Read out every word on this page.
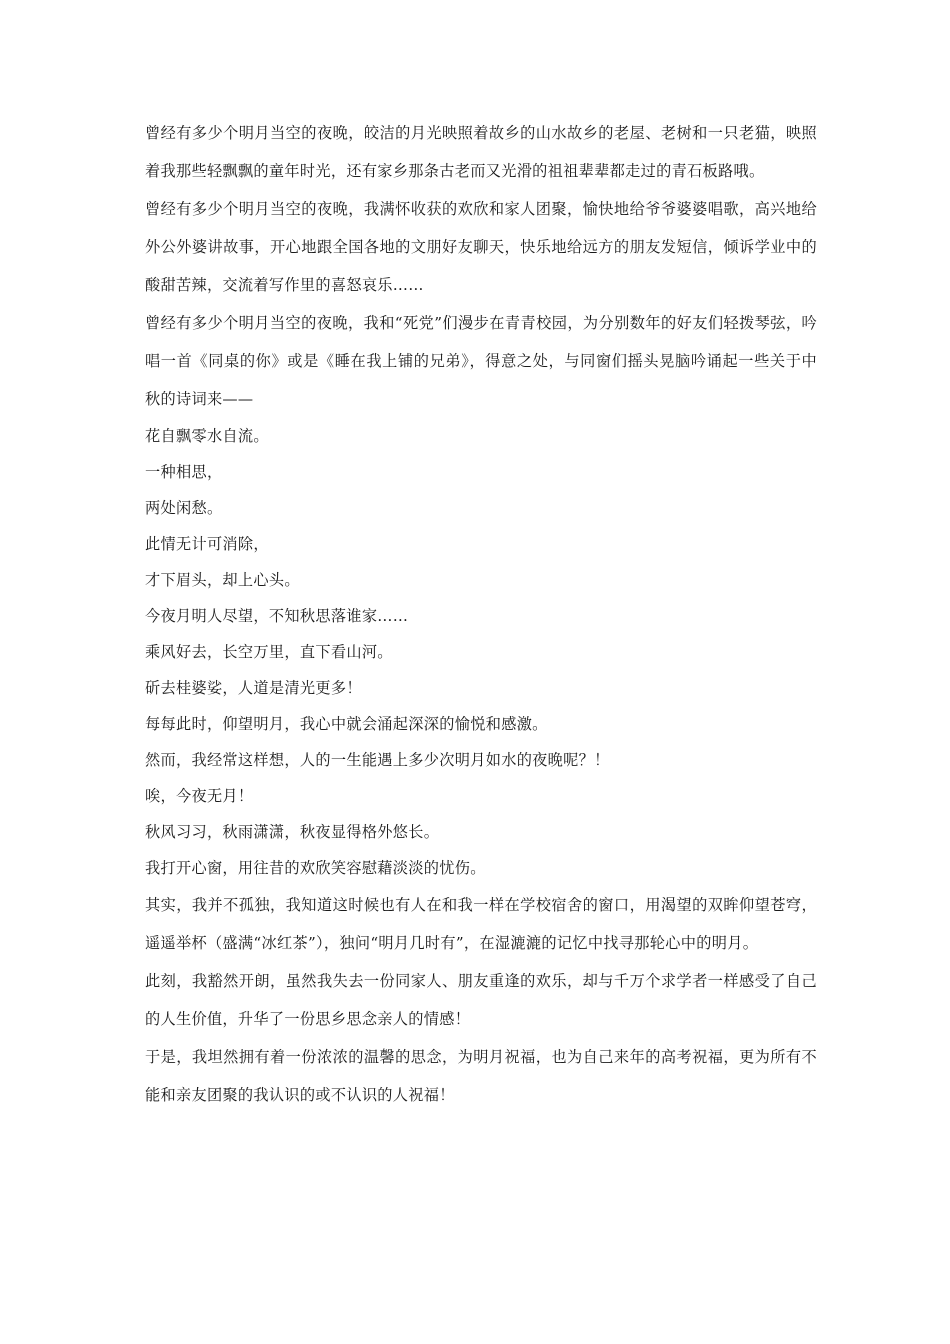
曾经有多少个明月当空的夜晚，皎洁的月光映照着故乡的山水故乡的老屋、老树和一只老猫，映照着我那些轻飘飘的童年时光，还有家乡那条古老而又光滑的祖祖辈辈都走过的青石板路哦。

曾经有多少个明月当空的夜晚，我满怀收获的欢欣和家人团聚，愉快地给爷爷婆婆唱歌，高兴地给外公外婆讲故事，开心地跟全国各地的文朋好友聊天，快乐地给远方的朋友发短信，倾诉学业中的酸甜苦辣，交流着写作里的喜怒哀乐……

曾经有多少个明月当空的夜晚，我和“死党”们漫步在青青校园，为分别数年的好友们轻拨琴弦，吟唱一首《同桌的你》或是《睡在我上铺的兄弟》，得意之处，与同窗们摇头晃脑吟诵起一些关于中秋的诗词来——

花自飘零水自流。

一种相思，

两处闲愁。

此情无计可消除，

才下眉头，却上心头。

今夜月明人尽望，不知秋思落谁家……

乘风好去，长空万里，直下看山河。

斫去桂婆娑，人道是清光更多！

每每此时，仰望明月，我心中就会涌起深深的愉悦和感激。

然而，我经常这样想，人的一生能遇上多少次明月如水的夜晚呢？！

唉，今夜无月！

秋风习习，秋雨潇潇，秋夜显得格外悠长。

我打开心窗，用往昔的欢欣笑容慰藉淡淡的忧伤。

其实，我并不孤独，我知道这时候也有人在和我一样在学校宿舍的窗口，用渴望的双眸仰望苍穹，遥遥举杯（盛满“冰红茶”），独问“明月几时有”，在湿漉漉的记忆中找寻那轮心中的明月。

此刻，我豁然开朗，虽然我失去一份同家人、朋友重逢的欢乐，却与千万个求学者一样感受了自己的人生价值，升华了一份思乡思念亲人的情感！

于是，我坦然拥有着一份浓浓的温馨的思念，为明月祝福，也为自己来年的高考祝福，更为所有不能和亲友团聚的我认识的或不认识的人祝福！
